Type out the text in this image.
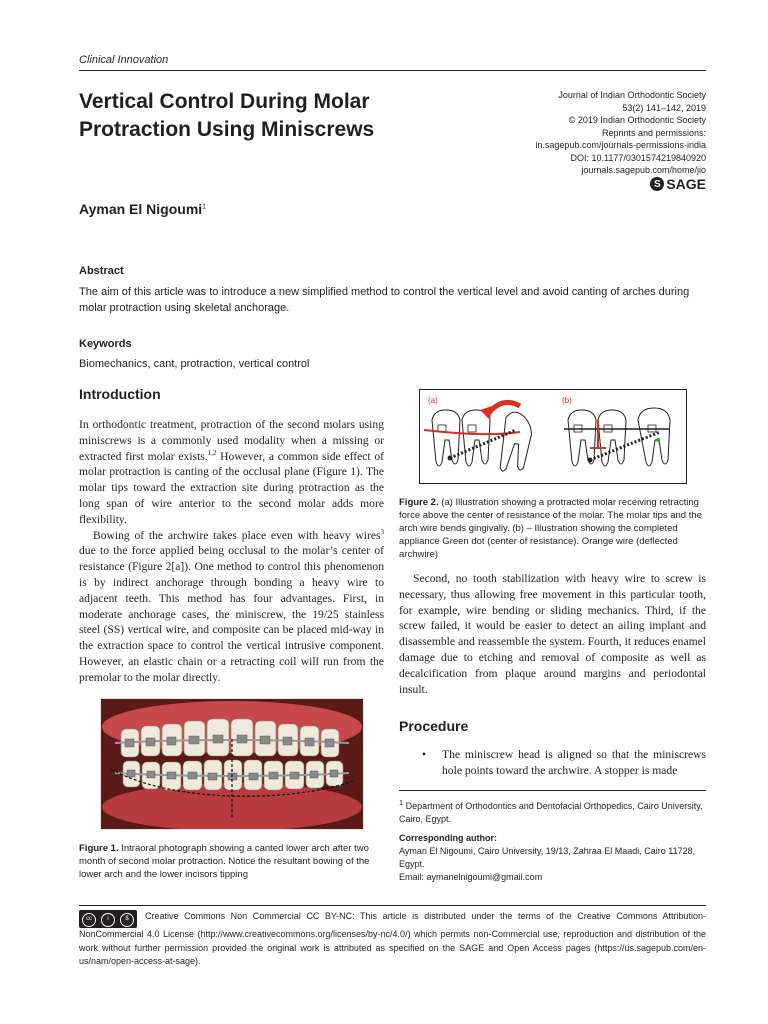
Clinical Innovation
Vertical Control During Molar
Protraction Using Miniscrews
Journal of Indian Orthodontic Society
53(2) 141–142, 2019
© 2019 Indian Orthodontic Society
Reprints and permissions:
in.sagepub.com/journals-permissions-india
DOI: 10.1177/0301574219840920
journals.sagepub.com/home/jio
S SAGE
Ayman El Nigoumi$^1$
Abstract
The aim of this article was to introduce a new simplified method to control the vertical level and avoid canting of arches during molar protraction using skeletal anchorage.
Keywords
Biomechanics, cant, protraction, vertical control
Introduction

In orthodontic treatment, protraction of the second molars using miniscrews is a commonly used modality when a missing or extracted first molar exists.$^{1,2}$ However, a common side effect of molar protraction is canting of the occlusal plane (Figure 1). The molar tips toward the extraction site during protraction as the long span of wire anterior to the second molar adds more flexibility.

Bowing of the archwire takes place even with heavy wires$^3$ due to the force applied being occlusal to the molar’s center of resistance (Figure 2[a]). One method to control this phenomenon is by indirect anchorage through bonding a heavy wire to adjacent teeth. This method has four advantages. First, in moderate anchorage cases, the miniscrew, the 19/25 stainless steel (SS) vertical wire, and composite can be placed mid-way in the extraction space to control the vertical intrusive component. However, an elastic chain or a retracting coil will run from the premolar to the molar directly.

Figure 1. Intraoral photograph showing a canted lower arch after two month of second molar protraction. Notice the resultant bowing of the lower arch and the lower incisors tipping
(a)	(b)
Figure 2. (a) Illustration showing a protracted molar receiving retracting force above the center of resistance of the molar. The molar tips and the arch wire bends gingivally. (b) – Illustration showing the completed appliance Green dot (center of resistance). Orange wire (deflected archwire)

Second, no tooth stabilization with heavy wire to screw is necessary, thus allowing free movement in this particular tooth, for example, wire bending or sliding mechanics. Third, if the screw failed, it would be easier to detect an ailing implant and disassemble and reassemble the system. Fourth, it reduces enamel damage due to etching and removal of composite as well as decalcification from plaque around margins and periodontal insult.

Procedure
• The miniscrew head is aligned so that the miniscrews hole points toward the archwire. A stopper is made

$^1$ Department of Orthodontics and Dentofacial Orthopedics, Cairo University, Cairo, Egypt.
Corresponding author:
Ayman El Nigoumi, Cairo University, 19/13, Zahraa El Maadi, Cairo 11728, Egypt.
Email: aymanelnigoumi@gmail.com
cc	i	$	Creative Commons Non Commercial CC BY-NC: This article is distributed under the terms of the Creative Commons Attribution-NonCommercial 4.0 License (http://www.creativecommons.org/licenses/by-nc/4.0/) which permits non-Commercial use, reproduction and distribution of the work without further permission provided the original work is attributed as specified on the SAGE and Open Access pages (https://us.sagepub.com/en-us/nam/open-access-at-sage).
